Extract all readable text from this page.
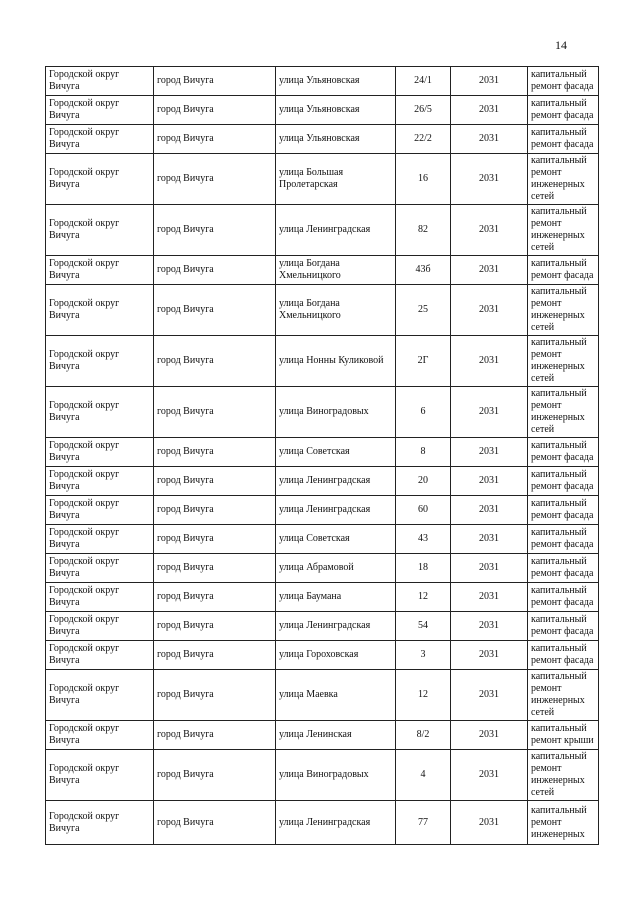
14
Городской округ Вичуга	город Вичуга	улица Ульяновская	24/1	2031	капитальный ремонт фасада
Городской округ Вичуга	город Вичуга	улица Ульяновская	26/5	2031	капитальный ремонт фасада
Городской округ Вичуга	город Вичуга	улица Ульяновская	22/2	2031	капитальный ремонт фасада
Городской округ Вичуга	город Вичуга	улица Большая Пролетарская	16	2031	капитальный ремонт инженерных сетей
Городской округ Вичуга	город Вичуга	улица Ленинградская	82	2031	капитальный ремонт инженерных сетей
Городской округ Вичуга	город Вичуга	улица Богдана Хмельницкого	43б	2031	капитальный ремонт фасада
Городской округ Вичуга	город Вичуга	улица Богдана Хмельницкого	25	2031	капитальный ремонт инженерных сетей
Городской округ Вичуга	город Вичуга	улица Нонны Куликовой	2Г	2031	капитальный ремонт инженерных сетей
Городской округ Вичуга	город Вичуга	улица Виноградовых	6	2031	капитальный ремонт инженерных сетей
Городской округ Вичуга	город Вичуга	улица Советская	8	2031	капитальный ремонт фасада
Городской округ Вичуга	город Вичуга	улица Ленинградская	20	2031	капитальный ремонт фасада
Городской округ Вичуга	город Вичуга	улица Ленинградская	60	2031	капитальный ремонт фасада
Городской округ Вичуга	город Вичуга	улица Советская	43	2031	капитальный ремонт фасада
Городской округ Вичуга	город Вичуга	улица Абрамовой	18	2031	капитальный ремонт фасада
Городской округ Вичуга	город Вичуга	улица Баумана	12	2031	капитальный ремонт фасада
Городской округ Вичуга	город Вичуга	улица Ленинградская	54	2031	капитальный ремонт фасада
Городской округ Вичуга	город Вичуга	улица Гороховская	3	2031	капитальный ремонт фасада
Городской округ Вичуга	город Вичуга	улица Маевка	12	2031	капитальный ремонт инженерных сетей
Городской округ Вичуга	город Вичуга	улица Ленинская	8/2	2031	капитальный ремонт крыши
Городской округ Вичуга	город Вичуга	улица Виноградовых	4	2031	капитальный ремонт инженерных сетей
Городской округ Вичуга	город Вичуга	улица Ленинградская	77	2031	капитальный ремонт инженерных
